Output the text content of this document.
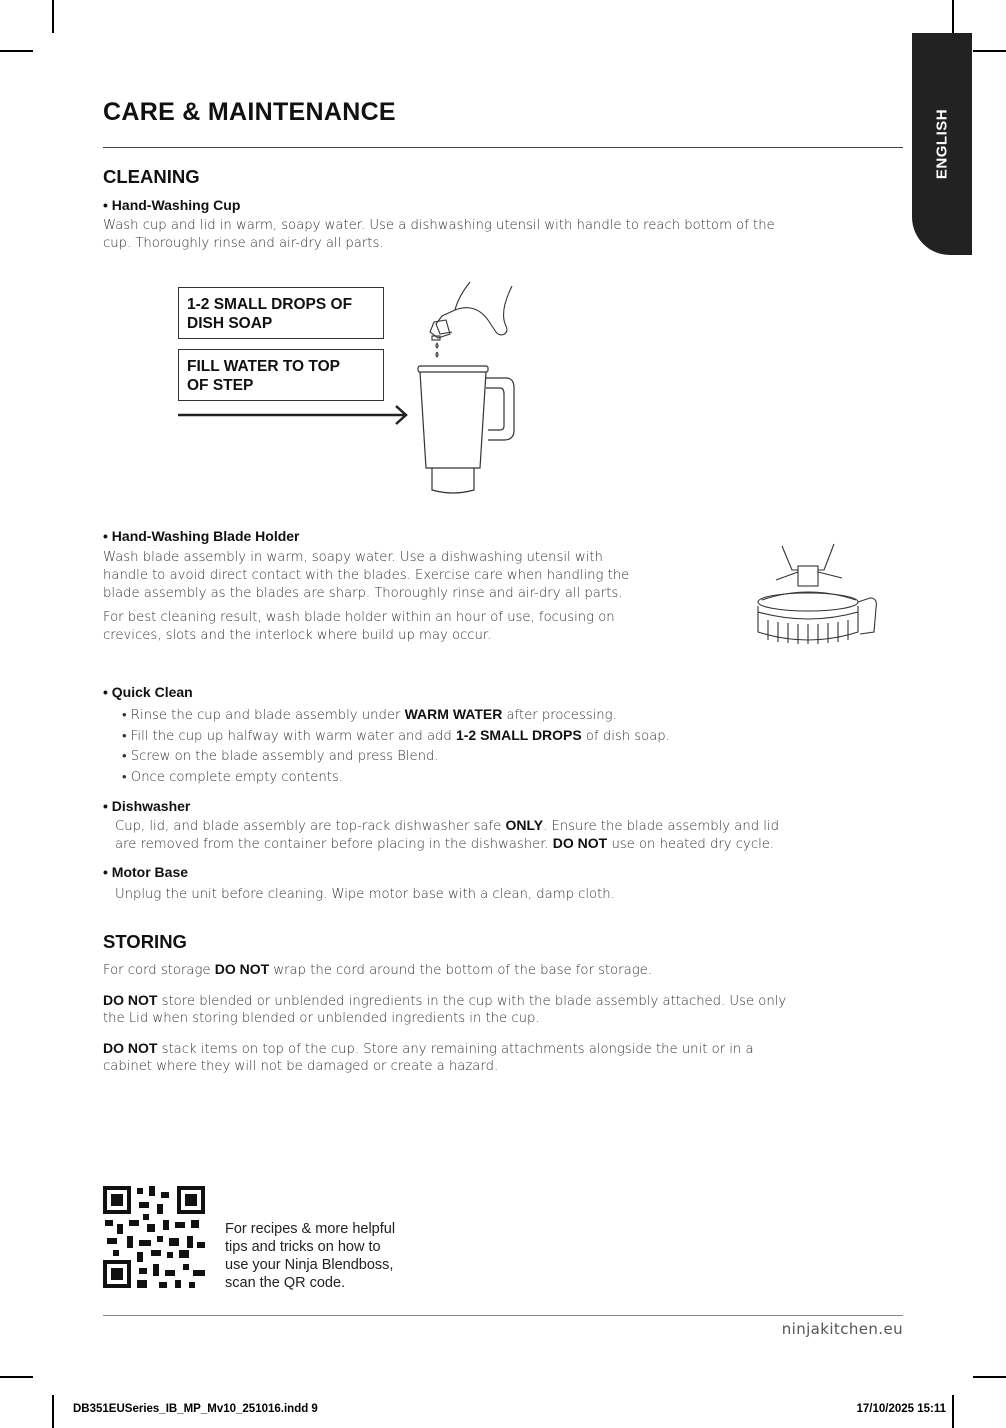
ENGLISH
CARE & MAINTENANCE
CLEANING
• Hand-Washing Cup
Wash cup and lid in warm, soapy water. Use a dishwashing utensil with handle to reach bottom of the
cup. Thoroughly rinse and air-dry all parts.
1-2 SMALL DROPS OF
DISH SOAP
FILL WATER TO TOP
OF STEP
• Hand-Washing Blade Holder
Wash blade assembly in warm, soapy water. Use a dishwashing utensil with
handle to avoid direct contact with the blades. Exercise care when handling the
blade assembly as the blades are sharp. Thoroughly rinse and air-dry all parts.
For best cleaning result, wash blade holder within an hour of use, focusing on
crevices, slots and the interlock where build up may occur.
• Quick Clean
• Rinse the cup and blade assembly under WARM WATER after processing.
• Fill the cup up halfway with warm water and add 1-2 SMALL DROPS of dish soap.
• Screw on the blade assembly and press Blend.
• Once complete empty contents.
• Dishwasher
Cup, lid, and blade assembly are top-rack dishwasher safe ONLY. Ensure the blade assembly and lid
are removed from the container before placing in the dishwasher. DO NOT use on heated dry cycle.
• Motor Base
Unplug the unit before cleaning. Wipe motor base with a clean, damp cloth.
STORING
For cord storage DO NOT wrap the cord around the bottom of the base for storage.
DO NOT store blended or unblended ingredients in the cup with the blade assembly attached. Use only
the Lid when storing blended or unblended ingredients in the cup.
DO NOT stack items on top of the cup. Store any remaining attachments alongside the unit or in a
cabinet where they will not be damaged or create a hazard.
For recipes & more helpful
tips and tricks on how to
use your Ninja Blendboss,
scan the QR code.
ninjakitchen.eu
DB351EUSeries_IB_MP_Mv10_251016.indd 9	17/10/2025 15:11
